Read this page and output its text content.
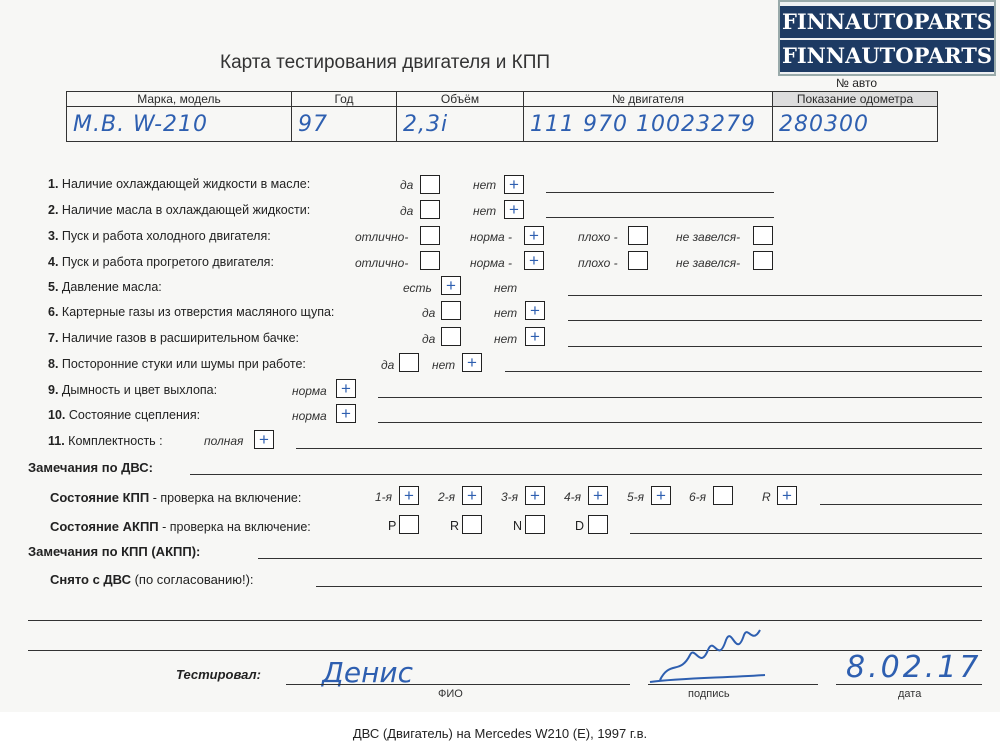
Карта тестирования двигателя и КПП
FINNAUTOPARTS
FINNAUTOPARTS
№ авто
Марка, модель	Год	Объём	№ двигателя	Показание одометра
M.B. W-210	97	2,3i	111 970 10023279	280300
1. Наличие охлаждающей жидкости в масле:	да	нет +
2. Наличие масла в охлаждающей жидкости:	да	нет +
3. Пуск и работа холодного двигателя:	отлично-	норма - +	плохо -	не завелся-
4. Пуск и работа прогретого двигателя:	отлично-	норма - +	плохо -	не завелся-
5. Давление масла:	есть +	нет
6. Картерные газы из отверстия масляного щупа:	да	нет +
7. Наличие газов в расширительном бачке:	да	нет +
8. Посторонние стуки или шумы при работе:	да	нет +
9. Дымность и цвет выхлопа:	норма +
10. Состояние сцепления:	норма +
11. Комплектность :	полная +
Замечания по ДВС:
Состояние КПП - проверка на включение:	1-я +	2-я +	3-я +	4-я +	5-я +	6-я	R +
Состояние АКПП - проверка на включение:	P	R	N	D
Замечания по КПП (АКПП):
Снято с ДВС (по согласованию!):
Тестировал: Денис
ФИО	подпись
8.02.17
дата
ДВС (Двигатель) на Mercedes W210 (E), 1997 г.в.
